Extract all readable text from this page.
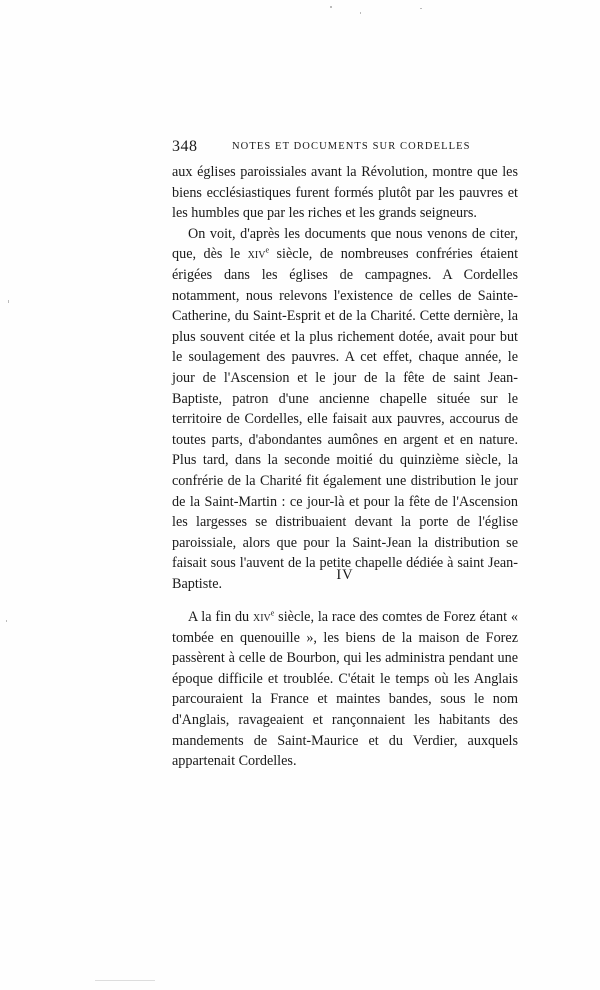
348	NOTES ET DOCUMENTS SUR CORDELLES

aux églises paroissiales avant la Révolution, montre que les biens ecclésiastiques furent formés plutôt par les pauvres et les humbles que par les riches et les grands seigneurs.

On voit, d'après les documents que nous venons de citer, que, dès le xiv$^e$ siècle, de nombreuses confréries étaient érigées dans les églises de campagnes. A Cordelles notamment, nous relevons l'existence de celles de Sainte-Catherine, du Saint-Esprit et de la Charité. Cette dernière, la plus souvent citée et la plus richement dotée, avait pour but le soulagement des pauvres. A cet effet, chaque année, le jour de l'Ascension et le jour de la fête de saint Jean-Baptiste, patron d'une ancienne chapelle située sur le territoire de Cordelles, elle faisait aux pauvres, accourus de toutes parts, d'abondantes aumônes en argent et en nature. Plus tard, dans la seconde moitié du quinzième siècle, la confrérie de la Charité fit également une distribution le jour de la Saint-Martin : ce jour-là et pour la fête de l'Ascension les largesses se distribuaient devant la porte de l'église paroissiale, alors que pour la Saint-Jean la distribution se faisait sous l'auvent de la petite chapelle dédiée à saint Jean-Baptiste.

IV

A la fin du xiv$^e$ siècle, la race des comtes de Forez étant « tombée en quenouille », les biens de la maison de Forez passèrent à celle de Bourbon, qui les administra pendant une époque difficile et troublée. C'était le temps où les Anglais parcouraient la France et maintes bandes, sous le nom d'Anglais, ravageaient et rançonnaient les habitants des mandements de Saint-Maurice et du Verdier, auxquels appartenait Cordelles.
